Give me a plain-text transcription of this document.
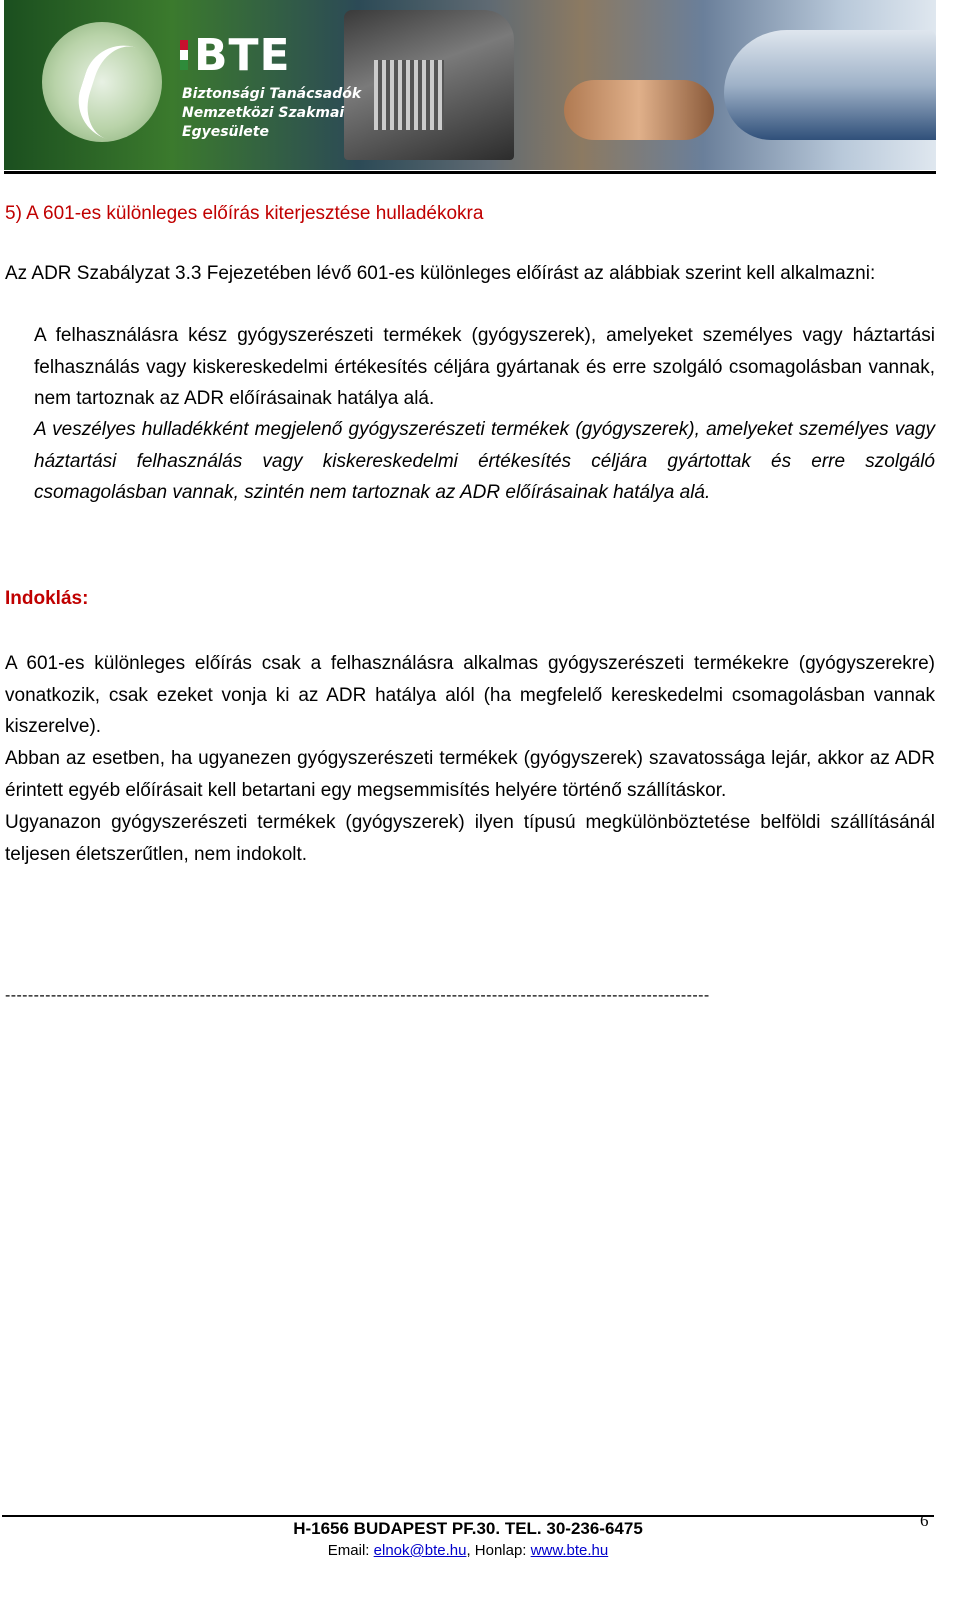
BTE
Biztonsági Tanácsadók
Nemzetközi Szakmai
Egyesülete
5) A 601-es különleges előírás kiterjesztése hulladékokra
Az ADR Szabályzat 3.3 Fejezetében lévő 601-es különleges előírást az alábbiak szerint kell alkalmazni:
A felhasználásra kész gyógyszerészeti termékek (gyógyszerek), amelyeket személyes vagy háztartási felhasználás vagy kiskereskedelmi értékesítés céljára gyártanak és erre szolgáló csomagolásban vannak, nem tartoznak az ADR előírásainak hatálya alá.
A veszélyes hulladékként megjelenő gyógyszerészeti termékek (gyógyszerek), amelyeket személyes vagy háztartási felhasználás vagy kiskereskedelmi értékesítés céljára gyártottak és erre szolgáló csomagolásban vannak, szintén nem tartoznak az ADR előírásainak hatálya alá.
Indoklás:
A 601-es különleges előírás csak a felhasználásra alkalmas gyógyszerészeti termékekre (gyógyszerekre) vonatkozik, csak ezeket vonja ki az ADR hatálya alól (ha megfelelő kereskedelmi csomagolásban vannak kiszerelve).
Abban az esetben, ha ugyanezen gyógyszerészeti termékek (gyógyszerek) szavatossága lejár, akkor az ADR érintett egyéb előírásait kell betartani egy megsemmisítés helyére történő szállításkor.
Ugyanazon gyógyszerészeti termékek (gyógyszerek) ilyen típusú megkülönböztetése belföldi szállításánál teljesen életszerűtlen, nem indokolt.
---------------------------------------------------------------------------------------------------------------------------
6
H-1656 BUDAPEST PF.30. TEL. 30-236-6475
Email: elnok@bte.hu, Honlap: www.bte.hu
